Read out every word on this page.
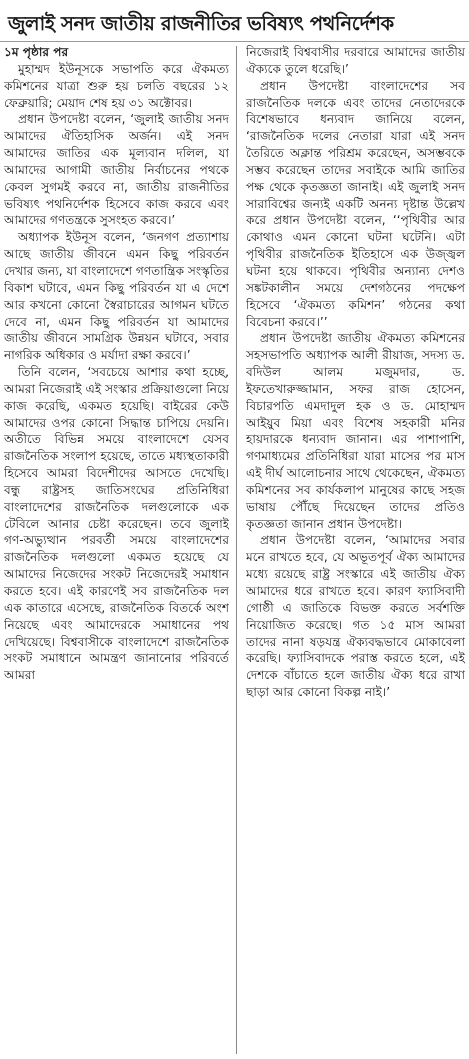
জুলাই সনদ জাতীয় রাজনীতির ভবিষ্যৎ পথনির্দেশক
১ম পৃষ্ঠার পর

মুহাম্মদ ইউনূসকে সভাপতি করে ঐকমত্য কমিশনের যাত্রা শুরু হয় চলতি বছরের ১২ ফেব্রুয়ারি; মেয়াদ শেষ হয় ৩১ অক্টোবর।

প্রধান উপদেষ্টা বলেন, ‘জুলাই জাতীয় সনদ আমাদের ঐতিহাসিক অর্জন। এই সনদ আমাদের জাতির এক মূল্যবান দলিল, যা আমাদের আগামী জাতীয় নির্বাচনের পথকে কেবল সুগমই করবে না, জাতীয় রাজনীতির ভবিষ্যৎ পথনির্দেশক হিসেবে কাজ করবে এবং আমাদের গণতন্ত্রকে সুসংহত করবে।’

অধ্যাপক ইউনূস বলেন, ‘জনগণ প্রত্যাশায় আছে জাতীয় জীবনে এমন কিছু পরিবর্তন দেখার জন্য, যা বাংলাদেশে গণতান্ত্রিক সংস্কৃতির বিকাশ ঘটাবে, এমন কিছু পরিবর্তন যা এ দেশে আর কখনো কোনো স্বৈরাচারের আগমন ঘটতে দেবে না, এমন কিছু পরিবর্তন যা আমাদের জাতীয় জীবনে সামগ্রিক উন্নয়ন ঘটাবে, সবার নাগরিক অধিকার ও মর্যাদা রক্ষা করবে।’

তিনি বলেন, ‘সবচেয়ে আশার কথা হচ্ছে, আমরা নিজেরাই এই সংস্কার প্রক্রিয়াগুলো নিয়ে কাজ করেছি, একমত হয়েছি। বাইরের কেউ আমাদের ওপর কোনো সিদ্ধান্ত চাপিয়ে দেয়নি। অতীতে বিভিন্ন সময়ে বাংলাদেশে যেসব রাজনৈতিক সংলাপ হয়েছে, তাতে মধ্যস্থতাকারী হিসেবে আমরা বিদেশীদের আসতে দেখেছি। বন্ধু রাষ্ট্রসহ জাতিসংঘের প্রতিনিধিরা বাংলাদেশের রাজনৈতিক দলগুলোকে এক টেবিলে আনার চেষ্টা করেছেন। তবে জুলাই গণ-অভ্যুত্থান পরবর্তী সময়ে বাংলাদেশের রাজনৈতিক দলগুলো একমত হয়েছে যে আমাদের নিজেদের সংকট নিজেদেরই সমাধান করতে হবে। এই কারণেই সব রাজনৈতিক দল এক কাতারে এসেছে, রাজনৈতিক বিতর্কে অংশ নিয়েছে এবং আমাদেরকে সমাধানের পথ দেখিয়েছে। বিশ্ববাসীকে বাংলাদেশে রাজনৈতিক সংকট সমাধানে আমন্ত্রণ জানানোর পরিবর্তে আমরা

নিজেরাই বিশ্ববাসীর দরবারে আমাদের জাতীয় ঐক্যকে তুলে ধরেছি।’

প্রধান উপদেষ্টা বাংলাদেশের সব রাজনৈতিক দলকে এবং তাদের নেতাদেরকে বিশেষভাবে ধন্যবাদ জানিয়ে বলেন, ‘রাজনৈতিক দলের নেতারা যারা এই সনদ তৈরিতে অক্লান্ত পরিশ্রম করেছেন, অসম্ভবকে সম্ভব করেছেন তাদের সবাইকে আমি জাতির পক্ষ থেকে কৃতজ্ঞতা জানাই। এই জুলাই সনদ সারাবিশ্বের জন্যই একটি অনন্য দৃষ্টান্ত উল্লেখ করে প্রধান উপদেষ্টা বলেন, ‘‘পৃথিবীর আর কোথাও এমন কোনো ঘটনা ঘটেনি। এটা পৃথিবীর রাজনৈতিক ইতিহাসে এক উজ্জ্বল ঘটনা হয়ে থাকবে। পৃথিবীর অন্যান্য দেশও সঙ্কটকালীন সময়ে দেশগঠনের পদক্ষেপ হিসেবে ‘ঐকমত্য কমিশন’ গঠনের কথা বিবেচনা করবে।’’

প্রধান উপদেষ্টা জাতীয় ঐকমত্য কমিশনের সহসভাপতি অধ্যাপক আলী রীয়াজ, সদস্য ড. বদিউল আলম মজুমদার, ড. ইফতেখারুজ্জামান, সফর রাজ হোসেন, বিচারপতি এমদাদুল হক ও ড. মোহাম্মদ আইয়ুব মিয়া এবং বিশেষ সহকারী মনির হায়দারকে ধন্যবাদ জানান। এর পাশাপাশি, গণমাধ্যমের প্রতিনিধিরা যারা মাসের পর মাস এই দীর্ঘ আলোচনার সাথে থেকেছেন, ঐকমত্য কমিশনের সব কার্যকলাপ মানুষের কাছে সহজ ভাষায় পৌঁছে দিয়েছেন তাদের প্রতিও কৃতজ্ঞতা জানান প্রধান উপদেষ্টা।

প্রধান উপদেষ্টা বলেন, ‘আমাদের সবার মনে রাখতে হবে, যে অভূতপূর্ব ঐক্য আমাদের মধ্যে রয়েছে রাষ্ট্র সংস্কারে এই জাতীয় ঐক্য আমাদের ধরে রাখতে হবে। কারণ ফ্যাসিবাদী গোষ্ঠী এ জাতিকে বিভক্ত করতে সর্বশক্তি নিয়োজিত করেছে। গত ১৫ মাস আমরা তাদের নানা ষড়যন্ত্র ঐক্যবদ্ধভাবে মোকাবেলা করেছি। ফ্যাসিবাদকে পরাস্ত করতে হলে, এই দেশকে বাঁচাতে হলে জাতীয় ঐক্য ধরে রাখা ছাড়া আর কোনো বিকল্প নাই।’
